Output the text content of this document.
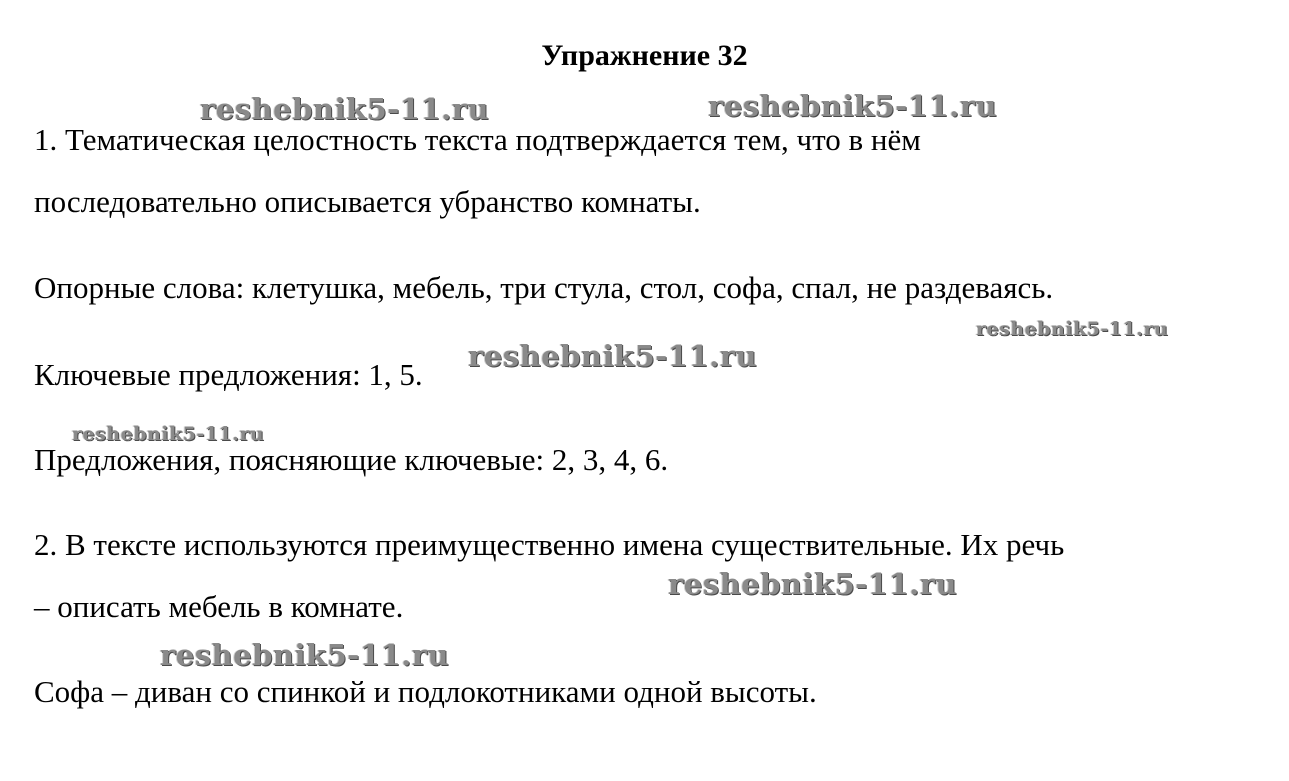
Упражнение 32
1. Тематическая целостность текста подтверждается тем, что в нём
последовательно описывается убранство комнаты.
Опорные слова: клетушка, мебель, три стула, стол, софа, спал, не раздеваясь.
Ключевые предложения: 1, 5.
Предложения, поясняющие ключевые: 2, 3, 4, 6.
2. В тексте используются преимущественно имена существительные. Их речь
– описать мебель в комнате.
Софа – диван со спинкой и подлокотниками одной высоты.
reshebnik5-11.ru	reshebnik5-11.ru
reshebnik5-11.ru
reshebnik5-11.ru
reshebnik5-11.ru
reshebnik5-11.ru
reshebnik5-11.ru
